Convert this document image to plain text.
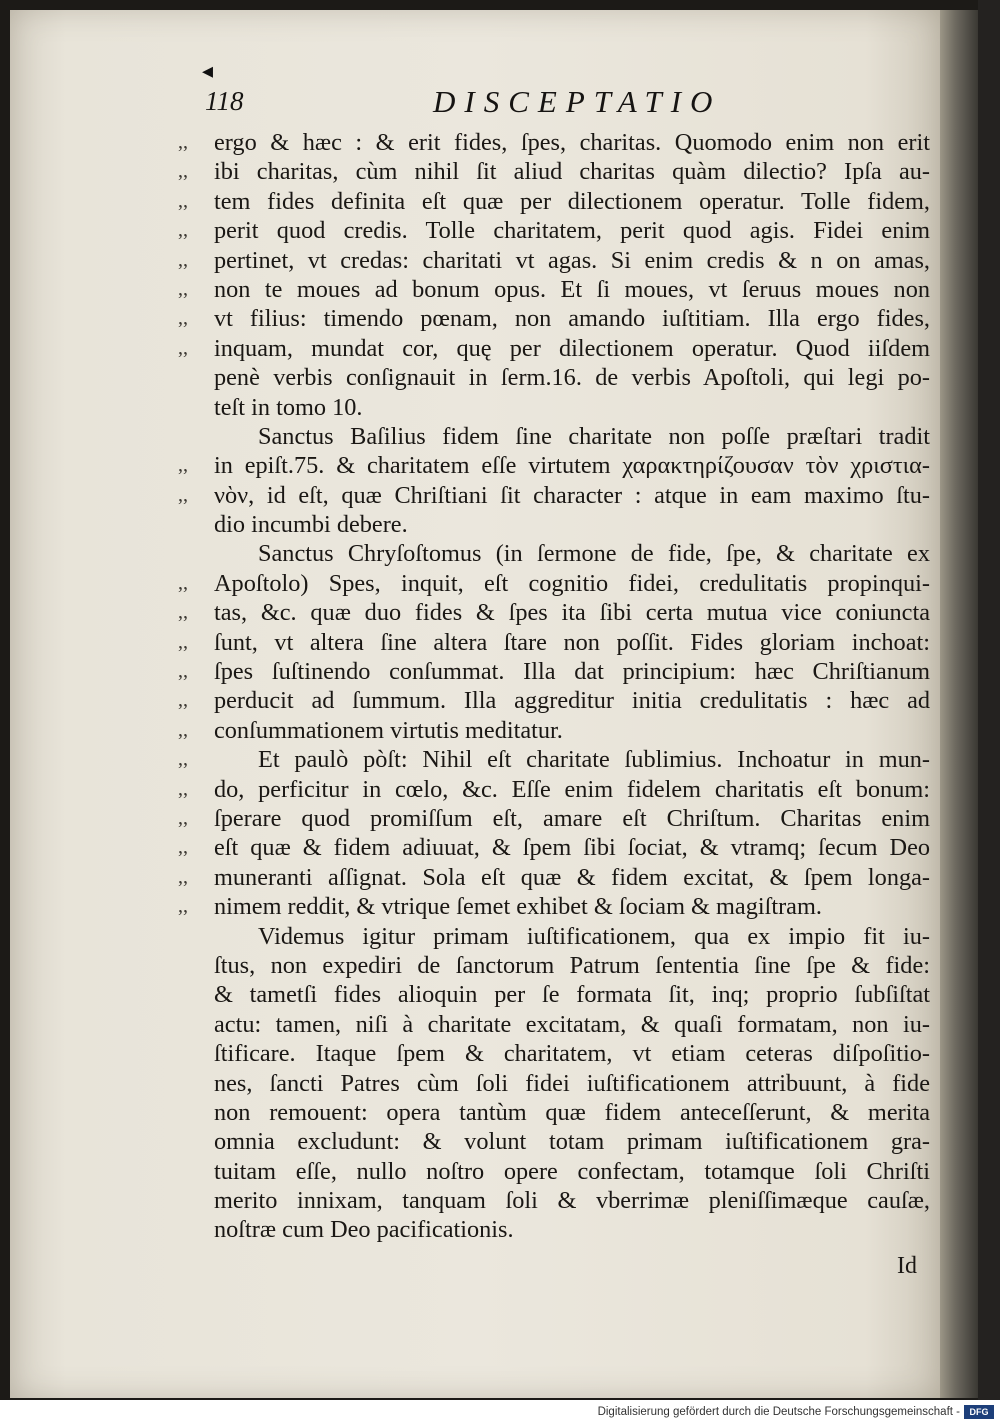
◂
118	DISCEPTATIO
,,	ergo & hæc : & erit fides, ſpes, charitas. Quomodo enim non erit
,,	ibi charitas, cùm nihil ſit aliud charitas quàm dilectio? Ipſa au-
,,	tem fides definita eſt quæ per dilectionem operatur. Tolle fidem,
,,	perit quod credis. Tolle charitatem, perit quod agis. Fidei enim
,,	pertinet, vt credas: charitati vt agas. Si enim credis & n on amas,
,,	non te moues ad bonum opus. Et ſi moues, vt ſeruus moues non
,,	vt filius: timendo pœnam, non amando iuſtitiam. Illa ergo fides,
,,	inquam, mundat cor, quę per dilectionem operatur. Quod iiſdem
penè verbis conſignauit in ſerm.16. de verbis Apoſtoli, qui legi po-
teſt in tomo 10.
Sanctus Baſilius fidem ſine charitate non poſſe præſtari tradit
,,	in epiſt.75. & charitatem eſſe virtutem χαρακτηρίζουσαν τὸν χριστια-
,,	νὸν, id eſt, quæ Chriſtiani ſit character : atque in eam maximo ſtu-
dio incumbi debere.
Sanctus Chryſoſtomus (in ſermone de fide, ſpe, & charitate ex
,,	Apoſtolo) Spes, inquit, eſt cognitio fidei, credulitatis propinqui-
,,	tas, &c. quæ duo fides & ſpes ita ſibi certa mutua vice coniuncta
,,	ſunt, vt altera ſine altera ſtare non poſſit. Fides gloriam inchoat:
,,	ſpes ſuſtinendo conſummat. Illa dat principium: hæc Chriſtianum
,,	perducit ad ſummum. Illa aggreditur initia credulitatis : hæc ad
,,	conſummationem virtutis meditatur.
,,	Et paulò pòſt: Nihil eſt charitate ſublimius. Inchoatur in mun-
,,	do, perficitur in cœlo, &c. Eſſe enim fidelem charitatis eſt bonum:
,,	ſperare quod promiſſum eſt, amare eſt Chriſtum. Charitas enim
,,	eſt quæ & fidem adiuuat, & ſpem ſibi ſociat, & vtramq; ſecum Deo
,,	muneranti aſſignat. Sola eſt quæ & fidem excitat, & ſpem longa-
,,	nimem reddit, & vtrique ſemet exhibet & ſociam & magiſtram.
Videmus igitur primam iuſtificationem, qua ex impio fit iu-
ſtus, non expediri de ſanctorum Patrum ſententia ſine ſpe & fide:
& tametſi fides alioquin per ſe formata ſit, inq; proprio ſubſiſtat
actu: tamen, niſi à charitate excitatam, & quaſi formatam, non iu-
ſtificare. Itaque ſpem & charitatem, vt etiam ceteras diſpoſitio-
nes, ſancti Patres cùm ſoli fidei iuſtificationem attribuunt, à fide
non remouent: opera tantùm quæ fidem anteceſſerunt, & merita
omnia excludunt: & volunt totam primam iuſtificationem gra-
tuitam eſſe, nullo noſtro opere confectam, totamque ſoli Chriſti
merito innixam, tanquam ſoli & vberrimæ pleniſſimæque cauſæ,
noſtræ cum Deo pacificationis.
Id
Digitalisierung gefördert durch die Deutsche Forschungsgemeinschaft -	DFG
